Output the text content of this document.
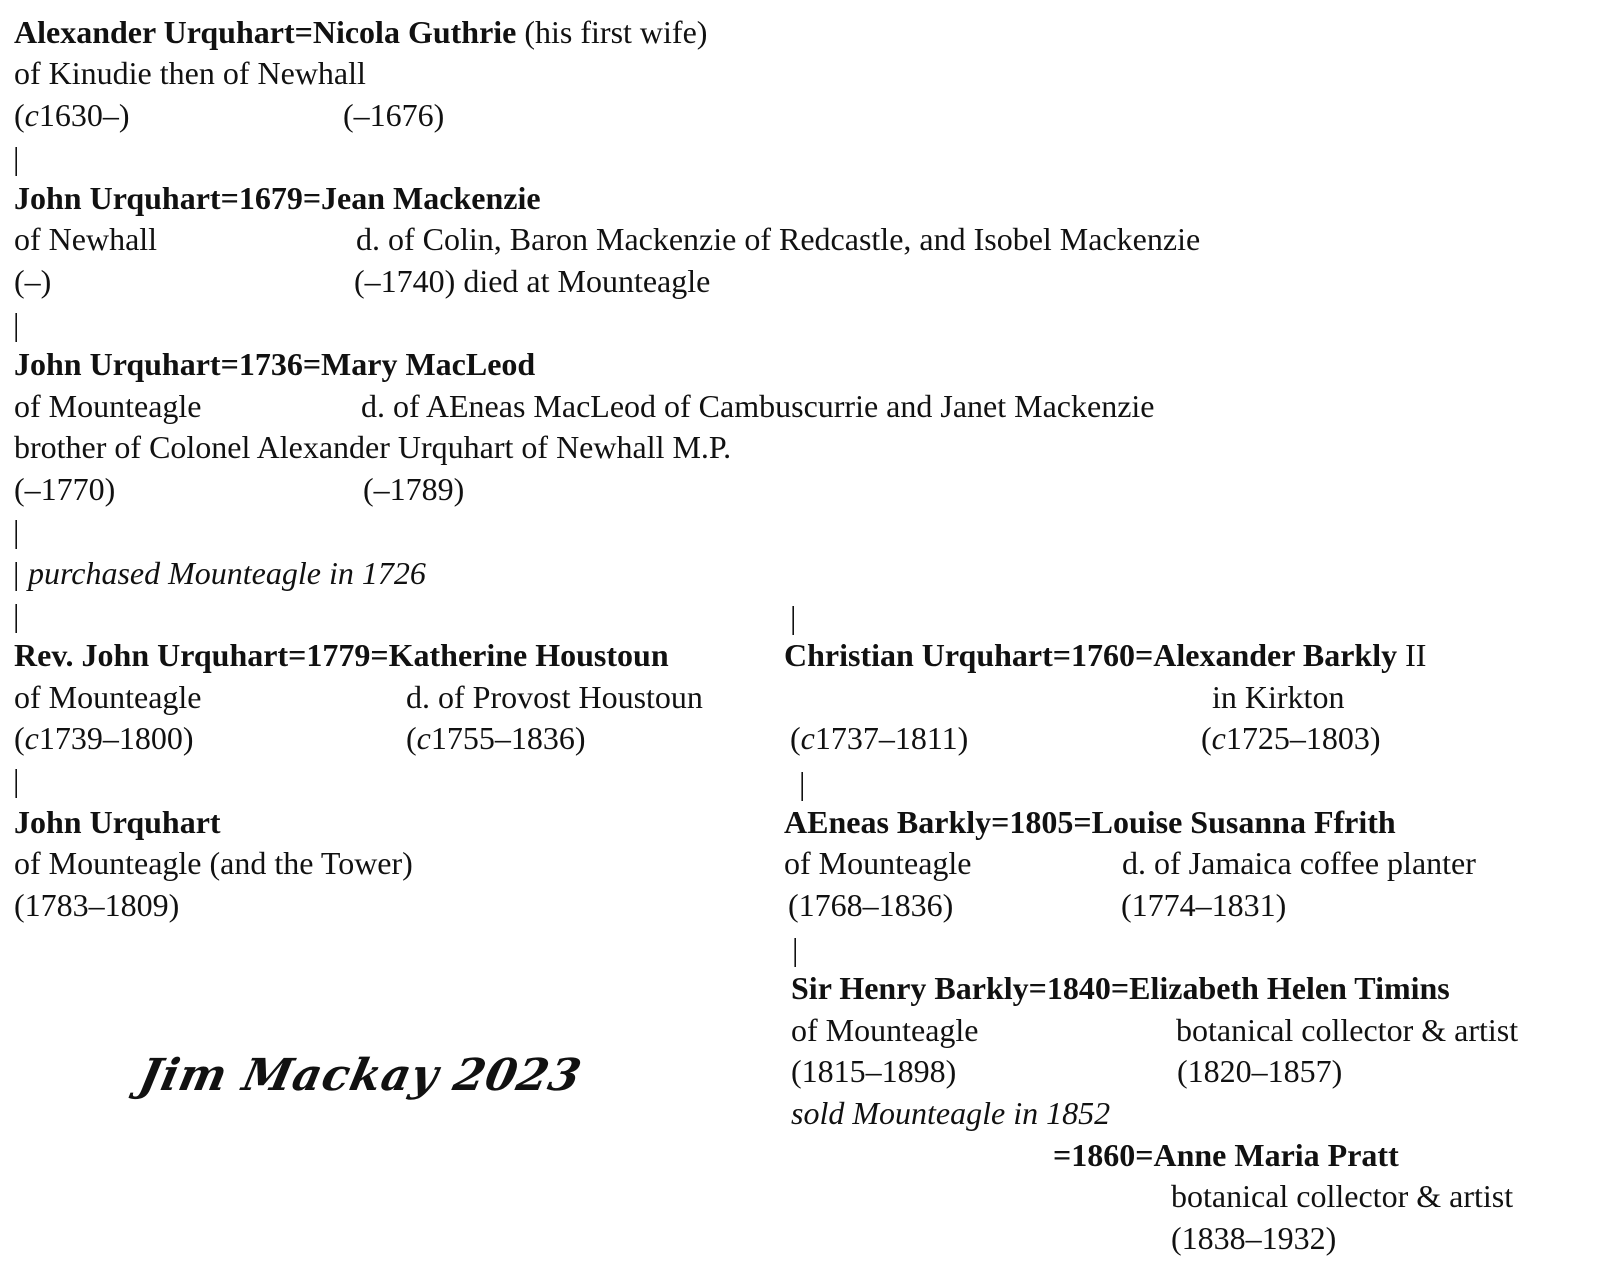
Alexander Urquhart=Nicola Guthrie (his first wife)
of Kinudie then of Newhall
(c1630–)	(–1676)
|
John Urquhart=1679=Jean Mackenzie
of Newhall	d. of Colin, Baron Mackenzie of Redcastle, and Isobel Mackenzie
(–)	(–1740) died at Mounteagle
|
John Urquhart=1736=Mary MacLeod
of Mounteagle	d. of AEneas MacLeod of Cambuscurrie and Janet Mackenzie
brother of Colonel Alexander Urquhart of Newhall M.P.
(–1770)	(–1789)
|
| purchased Mounteagle in 1726
|	|
Rev. John Urquhart=1779=Katherine Houstoun
of Mounteagle	d. of Provost Houstoun
(c1739–1800)	(c1755–1836)
|
John Urquhart
of Mounteagle (and the Tower)
(1783–1809)
Christian Urquhart=1760=Alexander Barkly II
in Kirkton
(c1737–1811)	(c1725–1803)
|
AEneas Barkly=1805=Louise Susanna Ffrith
of Mounteagle	d. of Jamaica coffee planter
(1768–1836)	(1774–1831)
|
Sir Henry Barkly=1840=Elizabeth Helen Timins
of Mounteagle	botanical collector & artist
(1815–1898)	(1820–1857)
sold Mounteagle in 1852
=1860=Anne Maria Pratt
botanical collector & artist
(1838–1932)
Jim Mackay 2023
